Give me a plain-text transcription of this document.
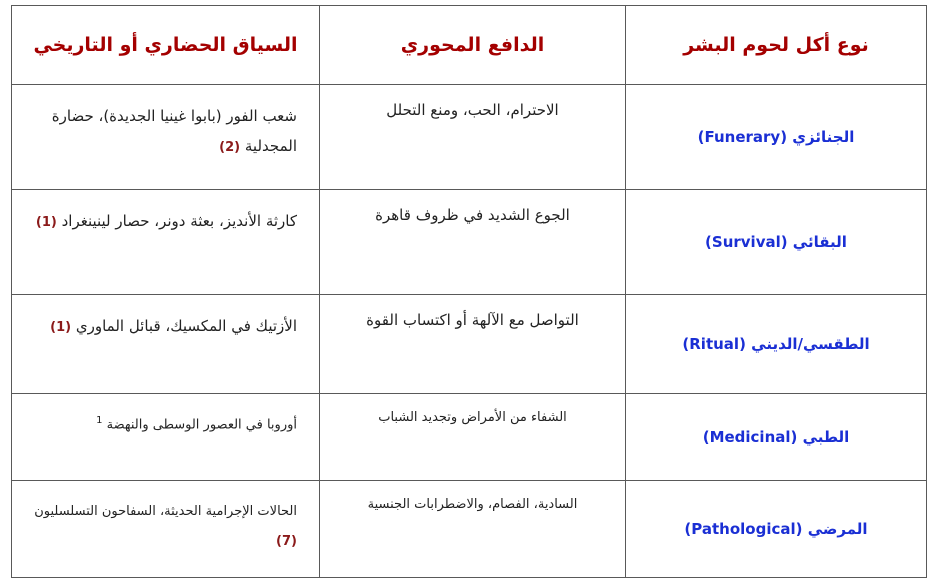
نوع أكل لحوم البشر	الدافع المحوري	السياق الحضاري أو التاريخي
الجنائزي (Funerary)	الاحترام، الحب، ومنع التحلل	شعب الفور (بابوا غينيا الجديدة)، حضارة المجدلية (2)
البقائي (Survival)	الجوع الشديد في ظروف قاهرة	كارثة الأنديز، بعثة دونر، حصار لينينغراد (1)
الطقسي/الديني (Ritual)	التواصل مع الآلهة أو اكتساب القوة	الأزتيك في المكسيك، قبائل الماوري (1)
الطبي (Medicinal)	الشفاء من الأمراض وتجديد الشباب	أوروبا في العصور الوسطى والنهضة $^1$
المرضي (Pathological)	السادية، الفصام، والاضطرابات الجنسية	الحالات الإجرامية الحديثة، السفاحون التسلسليون (7)
